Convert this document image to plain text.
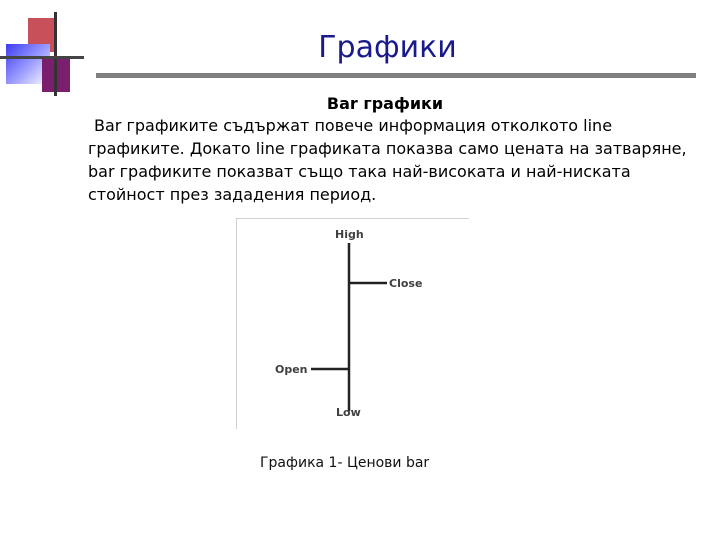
Графики
Bar графики
Bar графиките съдържат повече информация отколкото line графиките. Докато line графиката показва само цената на затваряне, bar графиките показват също така най-високата и най-ниската стойност през зададения период.
High
Close
Open
Low
Графика 1- Ценови bar
